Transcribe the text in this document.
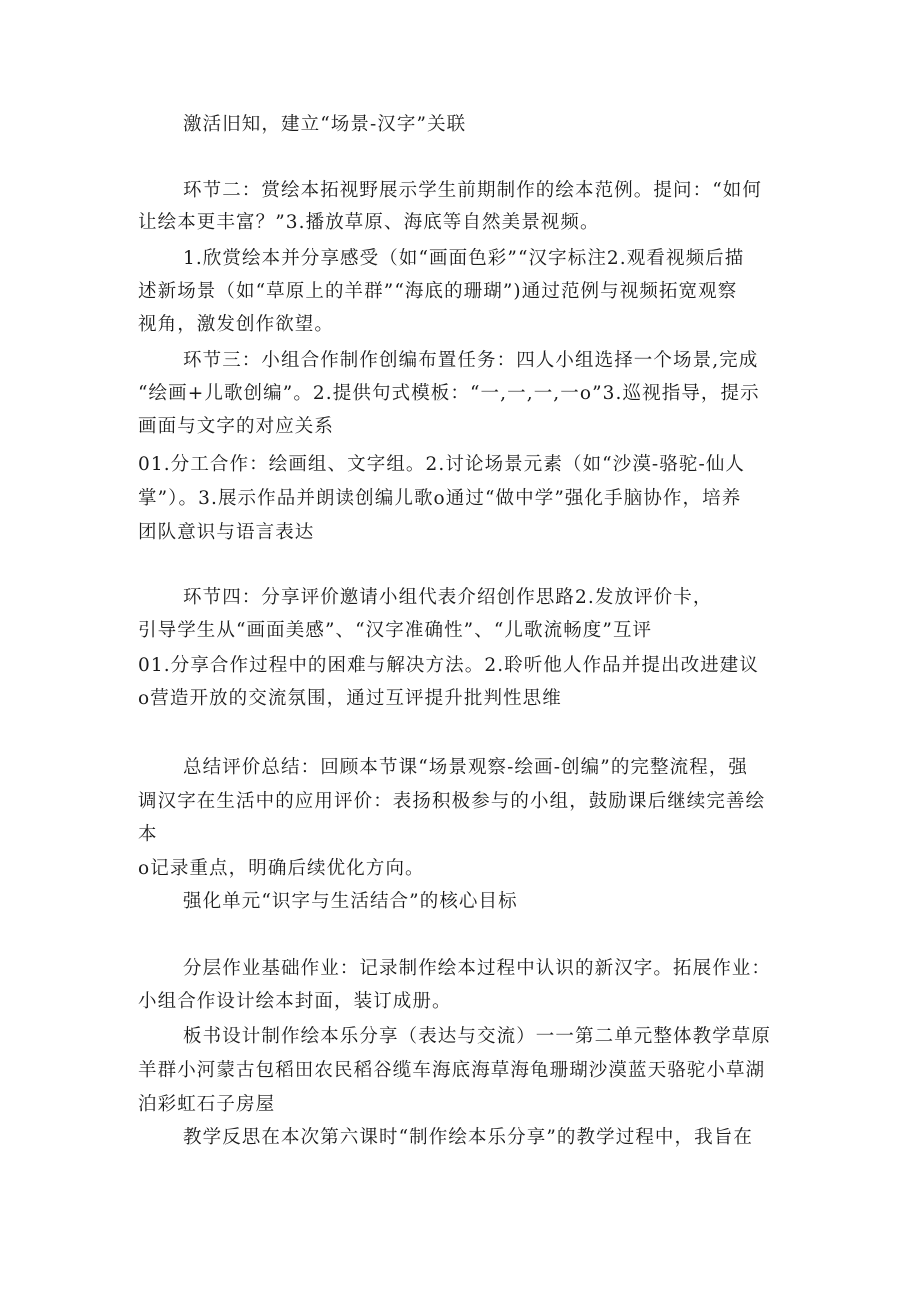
激活旧知，建立“场景-汉字”关联
环节二：赏绘本拓视野展示学生前期制作的绘本范例。提问：“如何
让绘本更丰富？”3.播放草原、海底等自然美景视频。
1.欣赏绘本并分享感受（如“画面色彩”“汉字标注2.观看视频后描
述新场景（如“草原上的羊群”“海底的珊瑚”)通过范例与视频拓宽观察
视角，激发创作欲望。
环节三：小组合作制作创编布置任务：四人小组选择一个场景,完成
“绘画+儿歌创编”。2.提供句式模板：“一,一,一,一o”3.巡视指导，提示
画面与文字的对应关系
01.分工合作：绘画组、文字组。2.讨论场景元素（如“沙漠-骆驼-仙人
掌”）。3.展示作品并朗读创编儿歌o通过“做中学”强化手脑协作，培养
团队意识与语言表达
环节四：分享评价邀请小组代表介绍创作思路2.发放评价卡，
引导学生从“画面美感”、“汉字准确性”、“儿歌流畅度”互评
01.分享合作过程中的困难与解决方法。2.聆听他人作品并提出改进建议
o营造开放的交流氛围，通过互评提升批判性思维
总结评价总结：回顾本节课“场景观察-绘画-创编”的完整流程，强
调汉字在生活中的应用评价：表扬积极参与的小组，鼓励课后继续完善绘
本
o记录重点，明确后续优化方向。
强化单元“识字与生活结合”的核心目标
分层作业基础作业：记录制作绘本过程中认识的新汉字。拓展作业：
小组合作设计绘本封面，装订成册。
板书设计制作绘本乐分享（表达与交流）一一第二单元整体教学草原
羊群小河蒙古包稻田农民稻谷缆车海底海草海龟珊瑚沙漠蓝天骆驼小草湖
泊彩虹石子房屋
教学反思在本次第六课时“制作绘本乐分享”的教学过程中，我旨在
